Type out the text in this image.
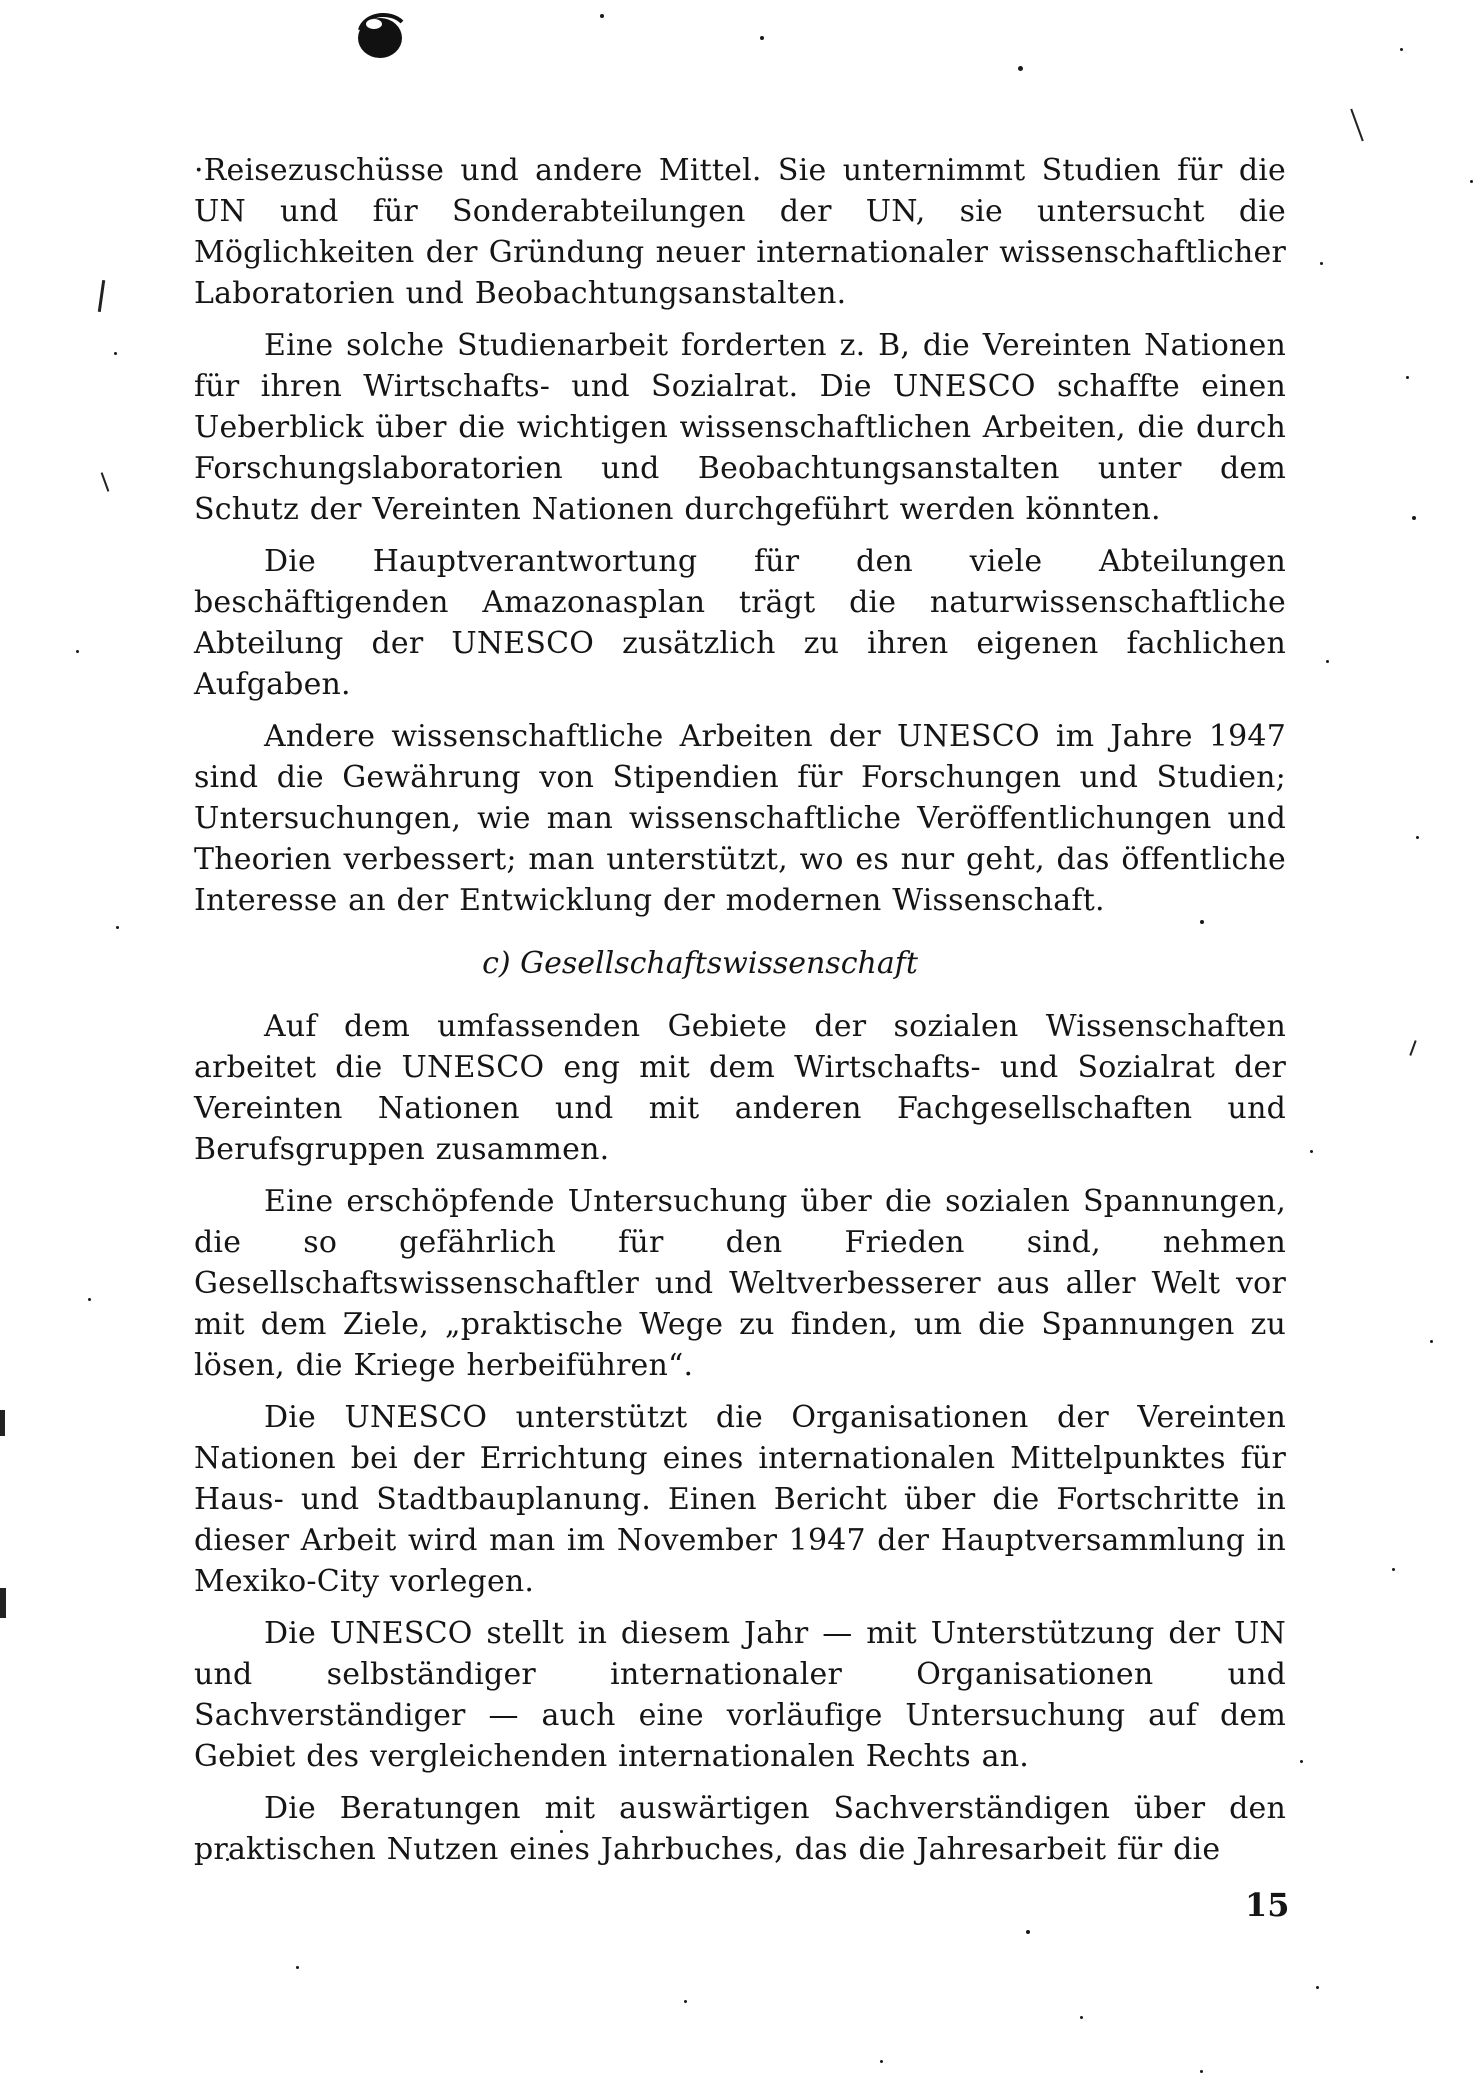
·Reisezuschüsse und andere Mittel. Sie unternimmt Studien für die UN und für Sonderabteilungen der UN, sie untersucht die Möglichkeiten der Gründung neuer internationaler wissenschaftlicher Laboratorien und Beobachtungsanstalten.

Eine solche Studienarbeit forderten z. B, die Vereinten Nationen für ihren Wirtschafts- und Sozialrat. Die UNESCO schaffte einen Ueberblick über die wichtigen wissenschaftlichen Arbeiten, die durch Forschungslaboratorien und Beobachtungsanstalten unter dem Schutz der Vereinten Nationen durchgeführt werden könnten.

Die Hauptverantwortung für den viele Abteilungen beschäftigenden Amazonasplan trägt die naturwissenschaftliche Abteilung der UNESCO zusätzlich zu ihren eigenen fachlichen Aufgaben.

Andere wissenschaftliche Arbeiten der UNESCO im Jahre 1947 sind die Gewährung von Stipendien für Forschungen und Studien; Untersuchungen, wie man wissenschaftliche Veröffentlichungen und Theorien verbessert; man unterstützt, wo es nur geht, das öffentliche Interesse an der Entwicklung der modernen Wissenschaft.

c) Gesellschaftswissenschaft

Auf dem umfassenden Gebiete der sozialen Wissenschaften arbeitet die UNESCO eng mit dem Wirtschafts- und Sozialrat der Vereinten Nationen und mit anderen Fachgesellschaften und Berufsgruppen zusammen.

Eine erschöpfende Untersuchung über die sozialen Spannungen, die so gefährlich für den Frieden sind, nehmen Gesellschaftswissenschaftler und Weltverbesserer aus aller Welt vor mit dem Ziele, „praktische Wege zu finden, um die Spannungen zu lösen, die Kriege herbeiführen“.

Die UNESCO unterstützt die Organisationen der Vereinten Nationen bei der Errichtung eines internationalen Mittelpunktes für Haus- und Stadtbauplanung. Einen Bericht über die Fortschritte in dieser Arbeit wird man im November 1947 der Hauptversammlung in Mexiko-City vorlegen.

Die UNESCO stellt in diesem Jahr — mit Unterstützung der UN und selbständiger internationaler Organisationen und Sachverständiger — auch eine vorläufige Untersuchung auf dem Gebiet des vergleichenden internationalen Rechts an.

Die Beratungen mit auswärtigen Sachverständigen über den praktischen Nutzen eines Jahrbuches, das die Jahresarbeit für die

15
